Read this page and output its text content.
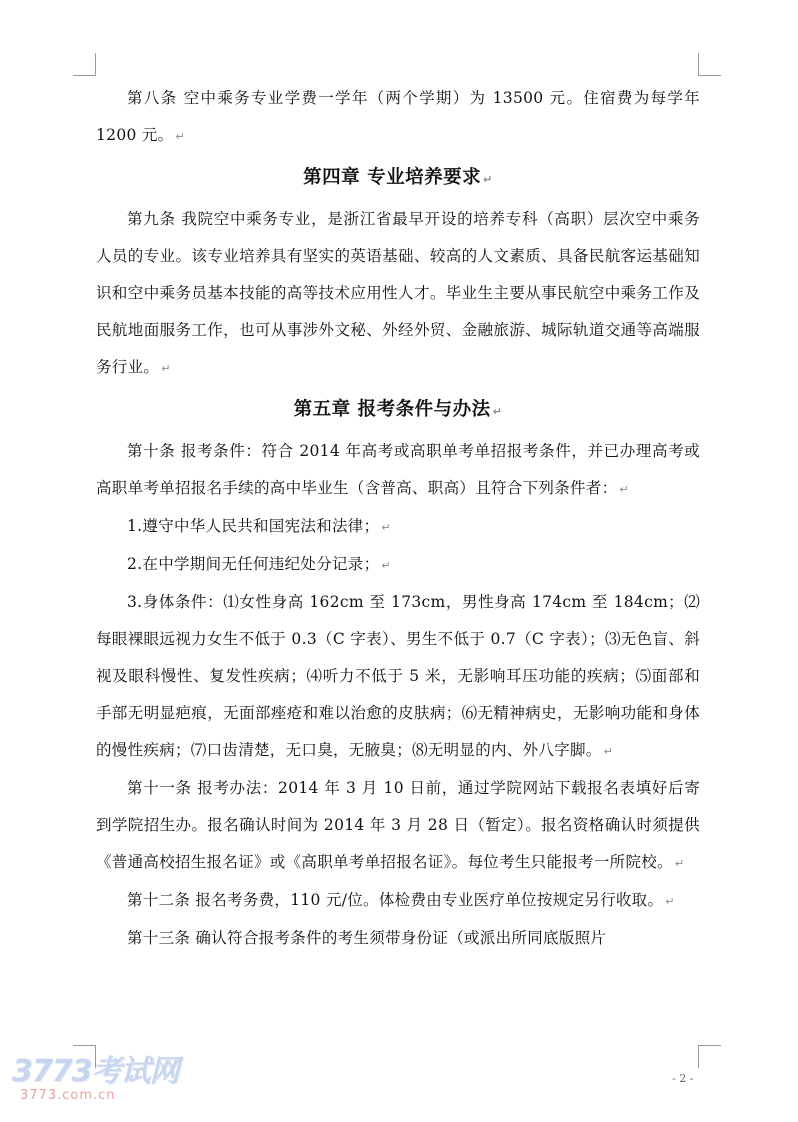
第八条 空中乘务专业学费一学年（两个学期）为 13500 元。住宿费为每学年 1200 元。 ↵

第四章 专业培养要求 ↵

第九条 我院空中乘务专业，是浙江省最早开设的培养专科（高职）层次空中乘务人员的专业。该专业培养具有坚实的英语基础、较高的人文素质、具备民航客运基础知识和空中乘务员基本技能的高等技术应用性人才。毕业生主要从事民航空中乘务工作及民航地面服务工作，也可从事涉外文秘、外经外贸、金融旅游、城际轨道交通等高端服务行业。 ↵

第五章 报考条件与办法 ↵

第十条 报考条件：符合 2014 年高考或高职单考单招报考条件，并已办理高考或高职单考单招报名手续的高中毕业生（含普高、职高）且符合下列条件者： ↵

1.遵守中华人民共和国宪法和法律； ↵

2.在中学期间无任何违纪处分记录； ↵

3.身体条件：⑴女性身高 162cm 至 173cm，男性身高 174cm 至 184cm；⑵每眼裸眼远视力女生不低于 0.3（C 字表）、男生不低于 0.7（C 字表）；⑶无色盲、斜视及眼科慢性、复发性疾病；⑷听力不低于 5 米，无影响耳压功能的疾病；⑸面部和手部无明显疤痕，无面部痤疮和难以治愈的皮肤病；⑹无精神病史，无影响功能和身体的慢性疾病；⑺口齿清楚，无口臭，无腋臭；⑻无明显的内、外八字脚。 ↵

第十一条 报考办法：2014 年 3 月 10 日前，通过学院网站下载报名表填好后寄到学院招生办。报名确认时间为 2014 年 3 月 28 日（暂定）。报名资格确认时须提供《普通高校招生报名证》或《高职单考单招报名证》。每位考生只能报考一所院校。 ↵

第十二条 报名考务费，110 元/位。体检费由专业医疗单位按规定另行收取。 ↵

第十三条 确认符合报考条件的考生须带身份证（或派出所同底版照片

3773考试网
3773.com.cn
- 2 -
